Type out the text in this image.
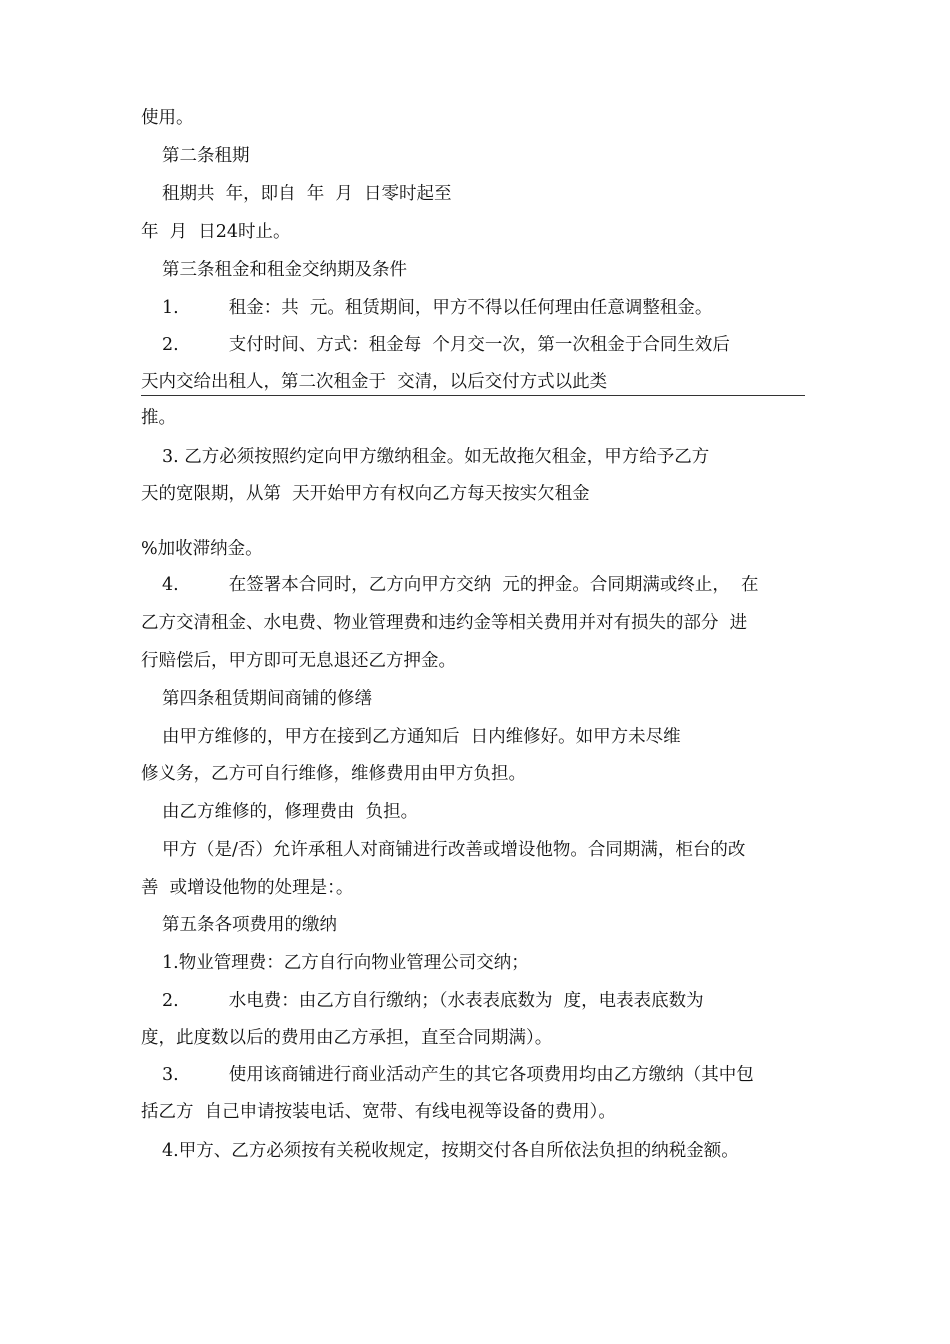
使用。
第二条租期
租期共  年，即自  年  月  日零时起至
年  月  日24时止。
第三条租金和租金交纳期及条件
1.         租金：共  元。租赁期间，甲方不得以任何理由任意调整租金。
2.         支付时间、方式：租金每  个月交一次，第一次租金于合同生效后
天内交给出租人，第二次租金于  交清，以后交付方式以此类
推。
3. 乙方必须按照约定向甲方缴纳租金。如无故拖欠租金，甲方给予乙方
天的宽限期，从第  天开始甲方有权向乙方每天按实欠租金
%加收滞纳金。
4.         在签署本合同时，乙方向甲方交纳  元的押金。合同期满或终止，  在
乙方交清租金、水电费、物业管理费和违约金等相关费用并对有损失的部分  进
行赔偿后，甲方即可无息退还乙方押金。
第四条租赁期间商铺的修缮
由甲方维修的，甲方在接到乙方通知后  日内维修好。如甲方未尽维
修义务，乙方可自行维修，维修费用由甲方负担。
由乙方维修的，修理费由  负担。
甲方（是/否）允许承租人对商铺进行改善或增设他物。合同期满，柜台的改
善  或增设他物的处理是：。
第五条各项费用的缴纳
1.物业管理费：乙方自行向物业管理公司交纳；
2.         水电费：由乙方自行缴纳；（水表表底数为  度，电表表底数为
度，此度数以后的费用由乙方承担，直至合同期满）。
3.         使用该商铺进行商业活动产生的其它各项费用均由乙方缴纳（其中包
括乙方  自己申请按装电话、宽带、有线电视等设备的费用）。
4.甲方、乙方必须按有关税收规定，按期交付各自所依法负担的纳税金额。
